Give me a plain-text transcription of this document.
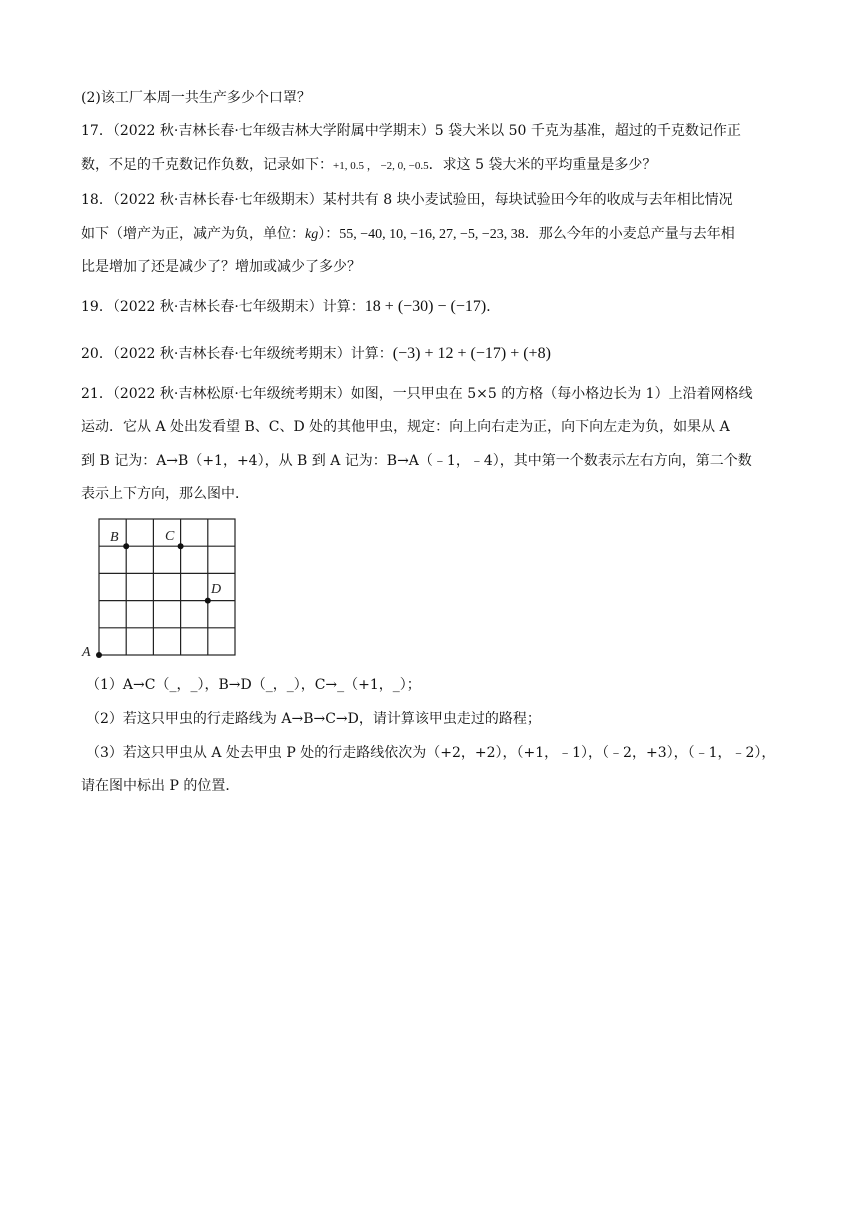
(2)该工厂本周一共生产多少个口罩？
17．（2022 秋·吉林长春·七年级吉林大学附属中学期末）5 袋大米以 50 千克为基准，超过的千克数记作正
数，不足的千克数记作负数，记录如下：+1, 0.5 ， −2, 0, −0.5．求这 5 袋大米的平均重量是多少？
18．（2022 秋·吉林长春·七年级期末）某村共有 8 块小麦试验田，每块试验田今年的收成与去年相比情况
如下（增产为正，减产为负，单位：kg）：55, −40, 10, −16, 27, −5, −23, 38．那么今年的小麦总产量与去年相
比是增加了还是减少了？增加或减少了多少？
19．（2022 秋·吉林长春·七年级期末）计算：18 + (−30) − (−17)．
20．（2022 秋·吉林长春·七年级统考期末）计算：(−3) + 12 + (−17) + (+8)
21．（2022 秋·吉林松原·七年级统考期末）如图，一只甲虫在 5×5 的方格（每小格边长为 1）上沿着网格线
运动．它从 A 处出发看望 B、C、D 处的其他甲虫，规定：向上向右走为正，向下向左走为负，如果从 A
到 B 记为：A→B（+1，+4），从 B 到 A 记为：B→A（﹣1，﹣4），其中第一个数表示左右方向，第二个数
表示上下方向，那么图中．
A
B	C
D
（1）A→C（_，_），B→D（_，_），C→_（+1，_）；
（2）若这只甲虫的行走路线为 A→B→C→D，请计算该甲虫走过的路程；
（3）若这只甲虫从 A 处去甲虫 P 处的行走路线依次为（+2，+2），（+1，﹣1），（﹣2，+3），（﹣1，﹣2），
请在图中标出 P 的位置．
